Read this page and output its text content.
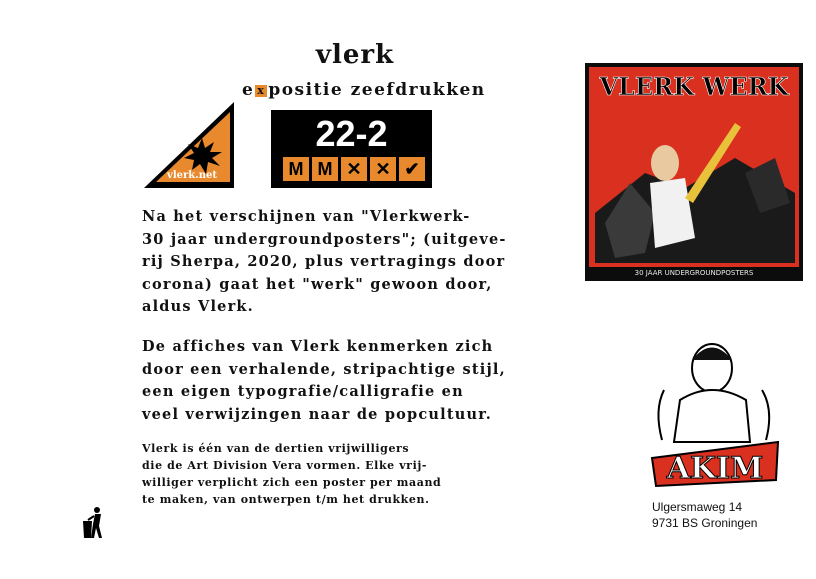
vlerk
e x positie zeefdrukken
vlerk.net
22-2
M M ✕ ✕ ✔
Na het verschijnen van "Vlerkwerk-
30 jaar undergroundposters"; (uitgeve-
rij Sherpa, 2020, plus vertragings door
corona) gaat het "werk" gewoon door,
aldus Vlerk.
De affiches van Vlerk kenmerken zich
door een verhalende, stripachtige stijl,
een eigen typografie/calligrafie en
veel verwijzingen naar de popcultuur.
Vlerk is één van de dertien vrijwilligers
die de Art Division Vera vormen. Elke vrij-
williger verplicht zich een poster per maand
te maken, van ontwerpen t/m het drukken.
VLERK WERK
30 JAAR UNDERGROUNDPOSTERS
AKIM
Ulgersmaweg 14
9731 BS Groningen
